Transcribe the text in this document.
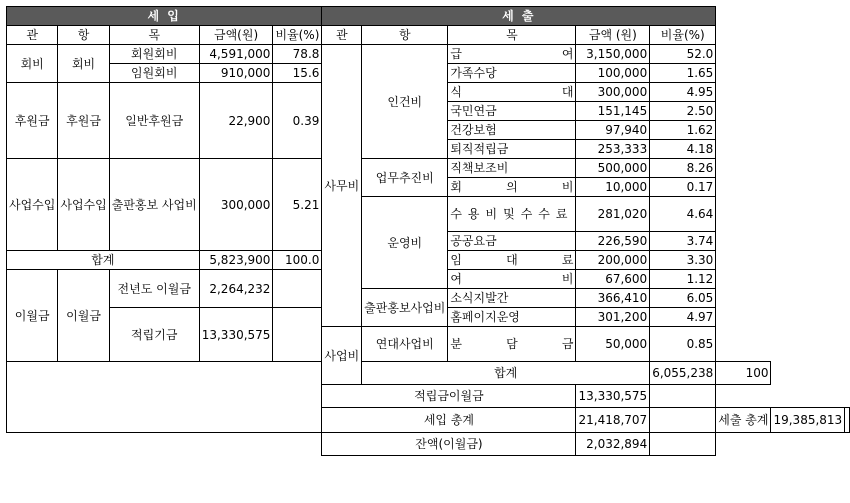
세 입					세 출							
관	항	목	금액(원)	비율(%)	관	항	목	금액 (원)	비율(%)			
회비	회비	회원회비	4,591,000	78.8	사무비	인건비	급 여	3,150,000	52.0			
		임원회비	910,000	15.6			가족수당	100,000	1.65			
후원금	후원금	일반후원금	22,900	0.39			식 대	300,000	4.95			
							국민연금	151,145	2.50			
							건강보험	97,940	1.62			
							퇴직적립금	253,333	4.18			
사업수입	사업수입	출판홍보 사업비	300,000	5.21		업무추진비	직책보조비	500,000	8.26			
							회 의 비	10,000	0.17			
						운영비	수용비및수수료	281,020	4.64			
							공공요금	226,590	3.74			
합계			5,823,900	100.0			임 대 료	200,000	3.30			
이월금	이월금	전년도 이월금	2,264,232				여 비	67,600	1.12			
						출판홍보사업비	소식지발간	366,410	6.05			
		적립기금	13,330,575				홈페이지운영	301,200	4.97			
					사업비	연대사업비	분 담 금	50,000	0.85			
						합계			6,055,238	100		
					적립금이월금			13,330,575				
					세입 총계			21,418,707		세출 총계	19,385,813	
					잔액(이월금)			2,032,894				
